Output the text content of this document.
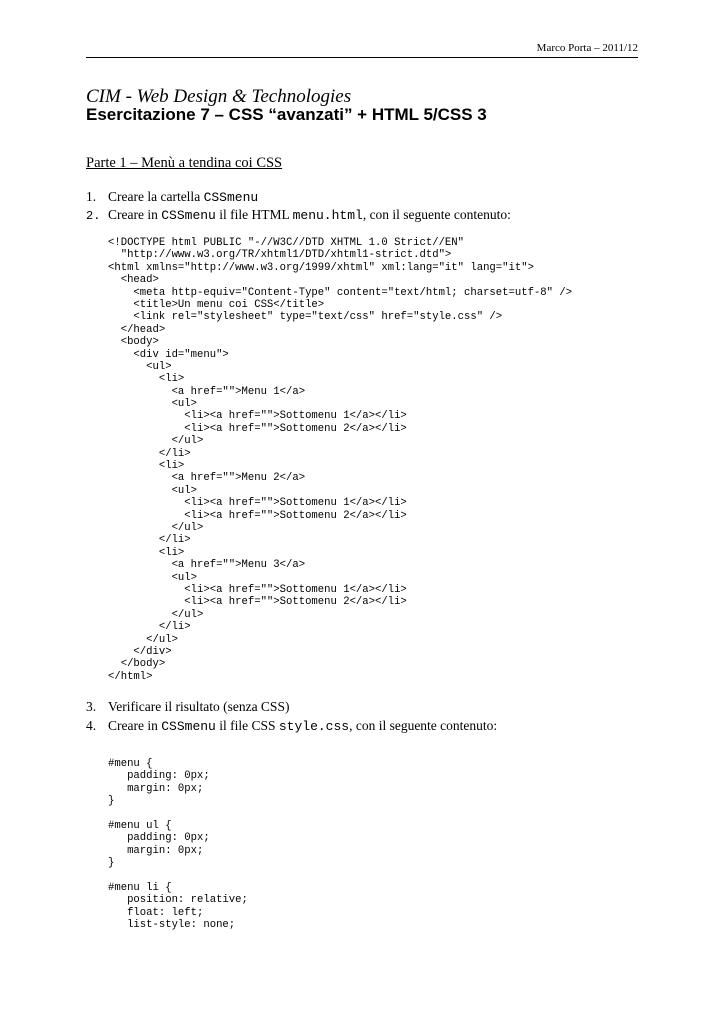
Marco Porta – 2011/12
CIM - Web Design & Technologies
Esercitazione 7 – CSS “avanzati” + HTML 5/CSS 3
Parte 1 – Menù a tendina coi CSS
1. Creare la cartella CSSmenu
2. Creare in CSSmenu il file HTML menu.html, con il seguente contenuto:
<!DOCTYPE html PUBLIC "-//W3C//DTD XHTML 1.0 Strict//EN"
"http://www.w3.org/TR/xhtml1/DTD/xhtml1-strict.dtd">
<html xmlns="http://www.w3.org/1999/xhtml" xml:lang="it" lang="it">
<head>
<meta http-equiv="Content-Type" content="text/html; charset=utf-8" />
<title>Un menu coi CSS</title>
<link rel="stylesheet" type="text/css" href="style.css" />
</head>
<body>
<div id="menu">
<ul>
<li>
<a href="">Menu 1</a>
<ul>
<li><a href="">Sottomenu 1</a></li>
<li><a href="">Sottomenu 2</a></li>
</ul>
</li>
<li>
<a href="">Menu 2</a>
<ul>
<li><a href="">Sottomenu 1</a></li>
<li><a href="">Sottomenu 2</a></li>
</ul>
</li>
<li>
<a href="">Menu 3</a>
<ul>
<li><a href="">Sottomenu 1</a></li>
<li><a href="">Sottomenu 2</a></li>
</ul>
</li>
</ul>
</div>
</body>
</html>
3. Verificare il risultato (senza CSS)
4. Creare in CSSmenu il file CSS style.css, con il seguente contenuto:
#menu {
padding: 0px;
margin: 0px;
}
#menu ul {
padding: 0px;
margin: 0px;
}
#menu li {
position: relative;
float: left;
list-style: none;
